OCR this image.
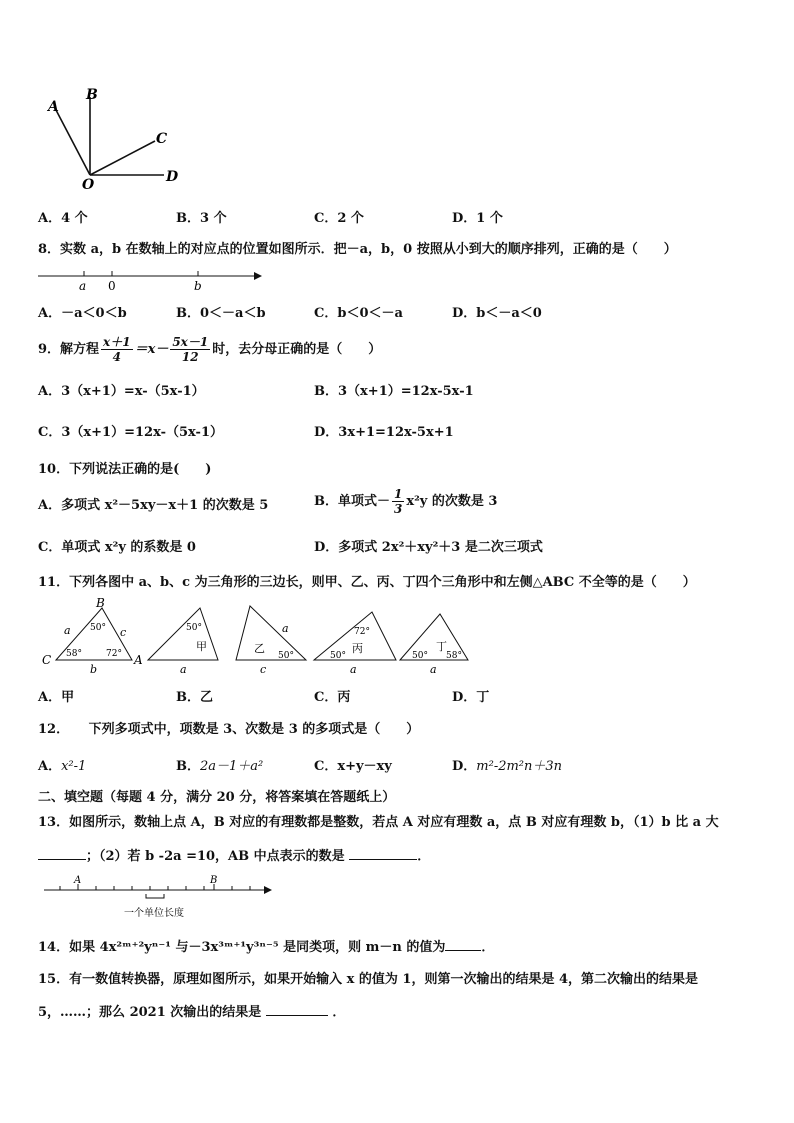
A
B
C
D
O
A．4 个	B．3 个	C．2 个	D．1 个
8．实数 a，b 在数轴上的对应点的位置如图所示．把－a，b，0 按照从小到大的顺序排列，正确的是（　　）
a 0	b
A．－a＜0＜b	B．0＜－a＜b	C．b＜0＜－a	D．b＜－a＜0
9．解方程 $\frac{x+1}{4} =x- \frac{5x-1}{12}$ 时，去分母正确的是（　　）
A．3（x+1）=x-（5x-1）	B．3（x+1）=12x-5x-1
C．3（x+1）=12x-（5x-1）	D．3x+1=12x-5x+1
10．下列说法正确的是(　　)
A．多项式 x²－5xy－x＋1 的次数是 5	B．单项式－ $\frac{1}{3} x^2y$ 的次数是 3
C．单项式 x²y 的系数是 0	D．多项式 2x²＋xy²＋3 是二次三项式
11．下列各图中 a、b、c 为三角形的三边长，则甲、乙、丙、丁四个三角形中和左侧△ABC 不全等的是（　　）
B
C	A
a	c
b
50°
58°	72°
50°
甲
a
乙
a
50°
c
72°
丙
50°
a
丁
50° 58°
a
A．甲	B．乙	C．丙	D．丁
12．　　下列多项式中，项数是 3、次数是 3 的多项式是（　　）
A．x²-1	B．2a－1＋a²	C．x+y－xy	D．m²-2m²n＋3n
二、填空题（每题 4 分，满分 20 分，将答案填在答题纸上）
13．如图所示，数轴上点 A，B 对应的有理数都是整数，若点 A 对应有理数 a，点 B 对应有理数 b，（1）b 比 a 大
；（2）若 b -2a =10，AB 中点表示的数是	．
A	B
一个单位长度
14．如果 4x²ᵐ⁺²yⁿ⁻¹ 与－3x³ᵐ⁺¹y³ⁿ⁻⁵ 是同类项，则 m－n 的值为	．
15．有一数值转换器，原理如图所示，如果开始输入 x 的值为 1，则第一次输出的结果是 4，第二次输出的结果是
5，……；那么 2021 次输出的结果是	．
